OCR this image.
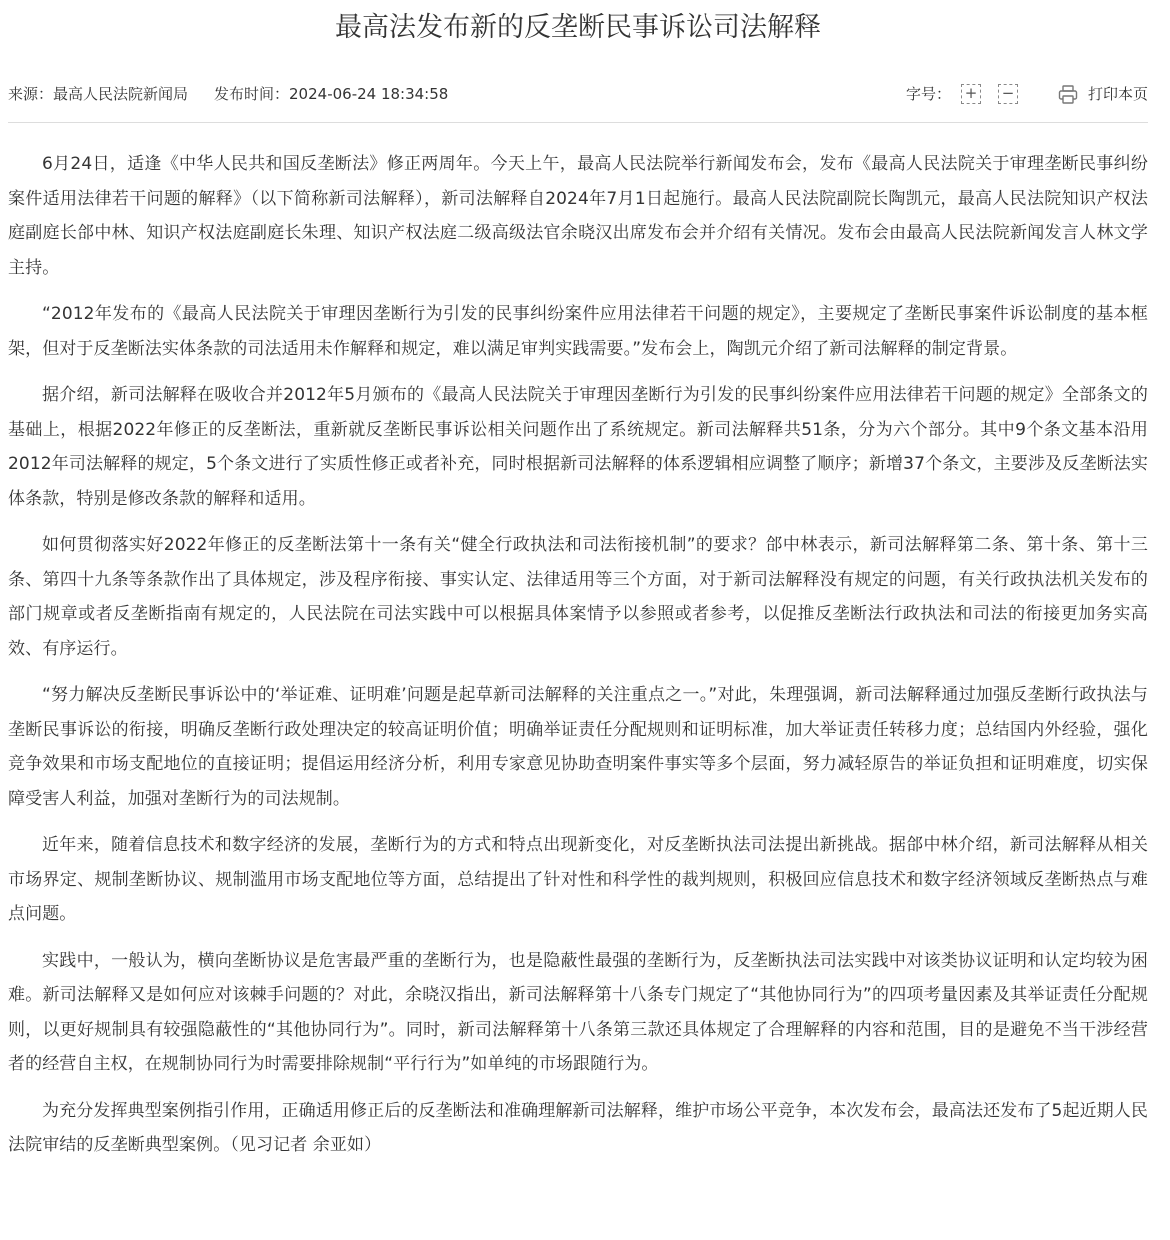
最高法发布新的反垄断民事诉讼司法解释
来源：最高人民法院新闻局 发布时间：2024-06-24 18:34:58	字号： + −	打印本页

6月24日，适逢《中华人民共和国反垄断法》修正两周年。今天上午，最高人民法院举行新闻发布会，发布《最高人民法院关于审理垄断民事纠纷案件适用法律若干问题的解释》（以下简称新司法解释），新司法解释自2024年7月1日起施行。最高人民法院副院长陶凯元，最高人民法院知识产权法庭副庭长郃中林、知识产权法庭副庭长朱理、知识产权法庭二级高级法官余晓汉出席发布会并介绍有关情况。发布会由最高人民法院新闻发言人林文学主持。

“2012年发布的《最高人民法院关于审理因垄断行为引发的民事纠纷案件应用法律若干问题的规定》，主要规定了垄断民事案件诉讼制度的基本框架，但对于反垄断法实体条款的司法适用未作解释和规定，难以满足审判实践需要。”发布会上，陶凯元介绍了新司法解释的制定背景。

据介绍，新司法解释在吸收合并2012年5月颁布的《最高人民法院关于审理因垄断行为引发的民事纠纷案件应用法律若干问题的规定》全部条文的基础上，根据2022年修正的反垄断法，重新就反垄断民事诉讼相关问题作出了系统规定。新司法解释共51条，分为六个部分。其中9个条文基本沿用2012年司法解释的规定，5个条文进行了实质性修正或者补充，同时根据新司法解释的体系逻辑相应调整了顺序；新增37个条文，主要涉及反垄断法实体条款，特别是修改条款的解释和适用。

如何贯彻落实好2022年修正的反垄断法第十一条有关“健全行政执法和司法衔接机制”的要求？郃中林表示，新司法解释第二条、第十条、第十三条、第四十九条等条款作出了具体规定，涉及程序衔接、事实认定、法律适用等三个方面，对于新司法解释没有规定的问题，有关行政执法机关发布的部门规章或者反垄断指南有规定的，人民法院在司法实践中可以根据具体案情予以参照或者参考，以促推反垄断法行政执法和司法的衔接更加务实高效、有序运行。

“努力解决反垄断民事诉讼中的‘举证难、证明难’问题是起草新司法解释的关注重点之一。”对此，朱理强调，新司法解释通过加强反垄断行政执法与垄断民事诉讼的衔接，明确反垄断行政处理决定的较高证明价值；明确举证责任分配规则和证明标准，加大举证责任转移力度；总结国内外经验，强化竞争效果和市场支配地位的直接证明；提倡运用经济分析，利用专家意见协助查明案件事实等多个层面，努力减轻原告的举证负担和证明难度，切实保障受害人利益，加强对垄断行为的司法规制。

近年来，随着信息技术和数字经济的发展，垄断行为的方式和特点出现新变化，对反垄断执法司法提出新挑战。据郃中林介绍，新司法解释从相关市场界定、规制垄断协议、规制滥用市场支配地位等方面，总结提出了针对性和科学性的裁判规则，积极回应信息技术和数字经济领域反垄断热点与难点问题。

实践中，一般认为，横向垄断协议是危害最严重的垄断行为，也是隐蔽性最强的垄断行为，反垄断执法司法实践中对该类协议证明和认定均较为困难。新司法解释又是如何应对该棘手问题的？对此，余晓汉指出，新司法解释第十八条专门规定了“其他协同行为”的四项考量因素及其举证责任分配规则，以更好规制具有较强隐蔽性的“其他协同行为”。同时，新司法解释第十八条第三款还具体规定了合理解释的内容和范围，目的是避免不当干涉经营者的经营自主权，在规制协同行为时需要排除规制“平行行为”如单纯的市场跟随行为。

为充分发挥典型案例指引作用，正确适用修正后的反垄断法和准确理解新司法解释，维护市场公平竞争，本次发布会，最高法还发布了5起近期人民法院审结的反垄断典型案例。（见习记者 余亚如）
